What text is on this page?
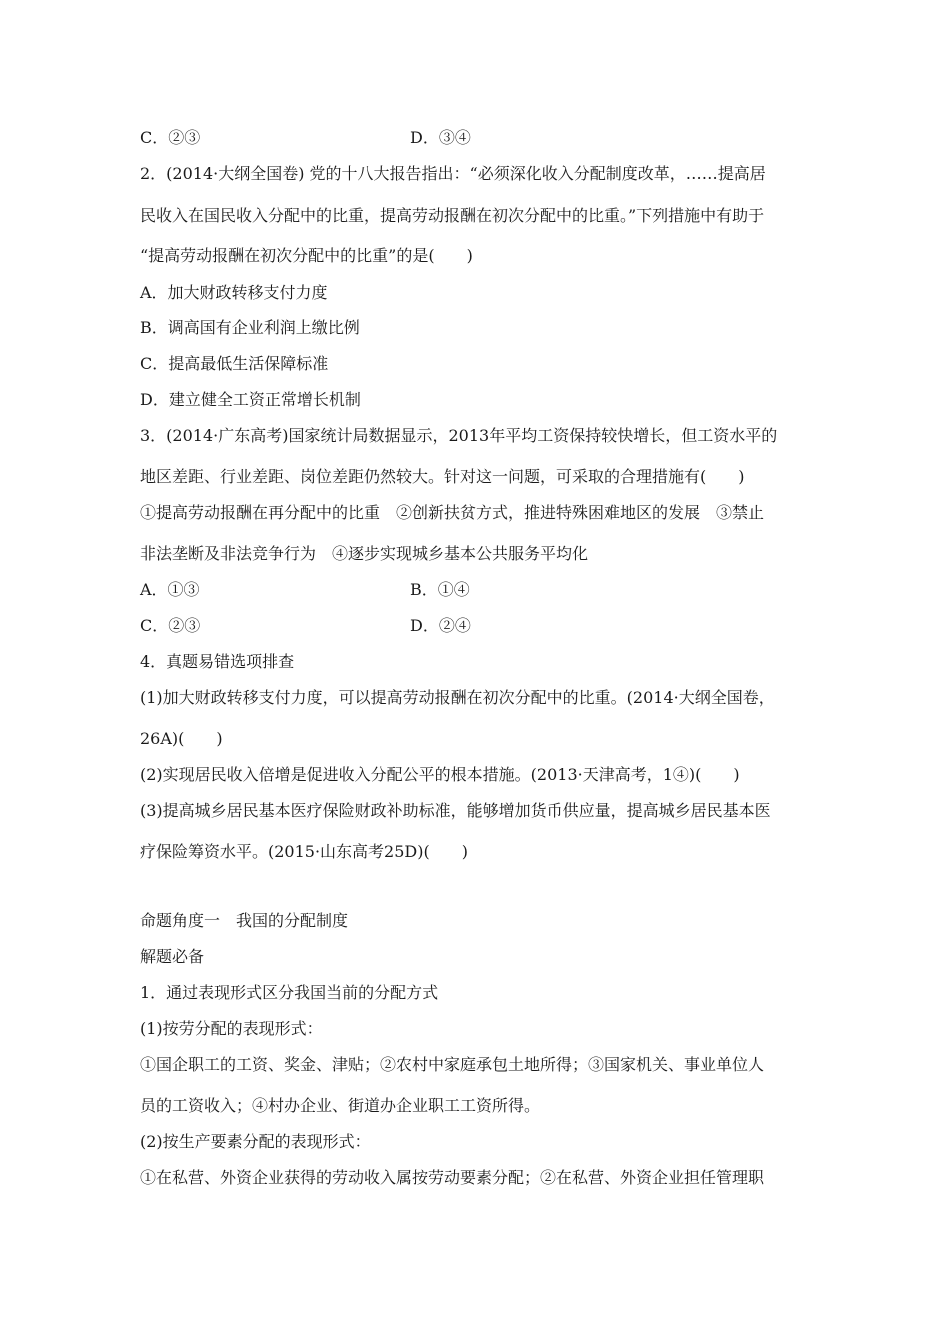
C．②③	D．③④
2．(2014·大纲全国卷) 党的十八大报告指出：“必须深化收入分配制度改革，……提高居
民收入在国民收入分配中的比重，提高劳动报酬在初次分配中的比重。”下列措施中有助于
“提高劳动报酬在初次分配中的比重”的是(　　)
A．加大财政转移支付力度
B．调高国有企业利润上缴比例
C．提高最低生活保障标准
D．建立健全工资正常增长机制
3．(2014·广东高考)国家统计局数据显示，2013年平均工资保持较快增长，但工资水平的
地区差距、行业差距、岗位差距仍然较大。针对这一问题，可采取的合理措施有(　　)
①提高劳动报酬在再分配中的比重　②创新扶贫方式，推进特殊困难地区的发展　③禁止
非法垄断及非法竞争行为　④逐步实现城乡基本公共服务平均化
A．①③	B．①④
C．②③	D．②④
4．真题易错选项排查
(1)加大财政转移支付力度，可以提高劳动报酬在初次分配中的比重。(2014·大纲全国卷，
26A)(　　)
(2)实现居民收入倍增是促进收入分配公平的根本措施。(2013·天津高考，1④)(　　)
(3)提高城乡居民基本医疗保险财政补助标准，能够增加货币供应量，提高城乡居民基本医
疗保险筹资水平。(2015·山东高考25D)(　　)
命题角度一　我国的分配制度
解题必备
1．通过表现形式区分我国当前的分配方式
(1)按劳分配的表现形式：
①国企职工的工资、奖金、津贴；②农村中家庭承包土地所得；③国家机关、事业单位人
员的工资收入；④村办企业、街道办企业职工工资所得。
(2)按生产要素分配的表现形式：
①在私营、外资企业获得的劳动收入属按劳动要素分配；②在私营、外资企业担任管理职
